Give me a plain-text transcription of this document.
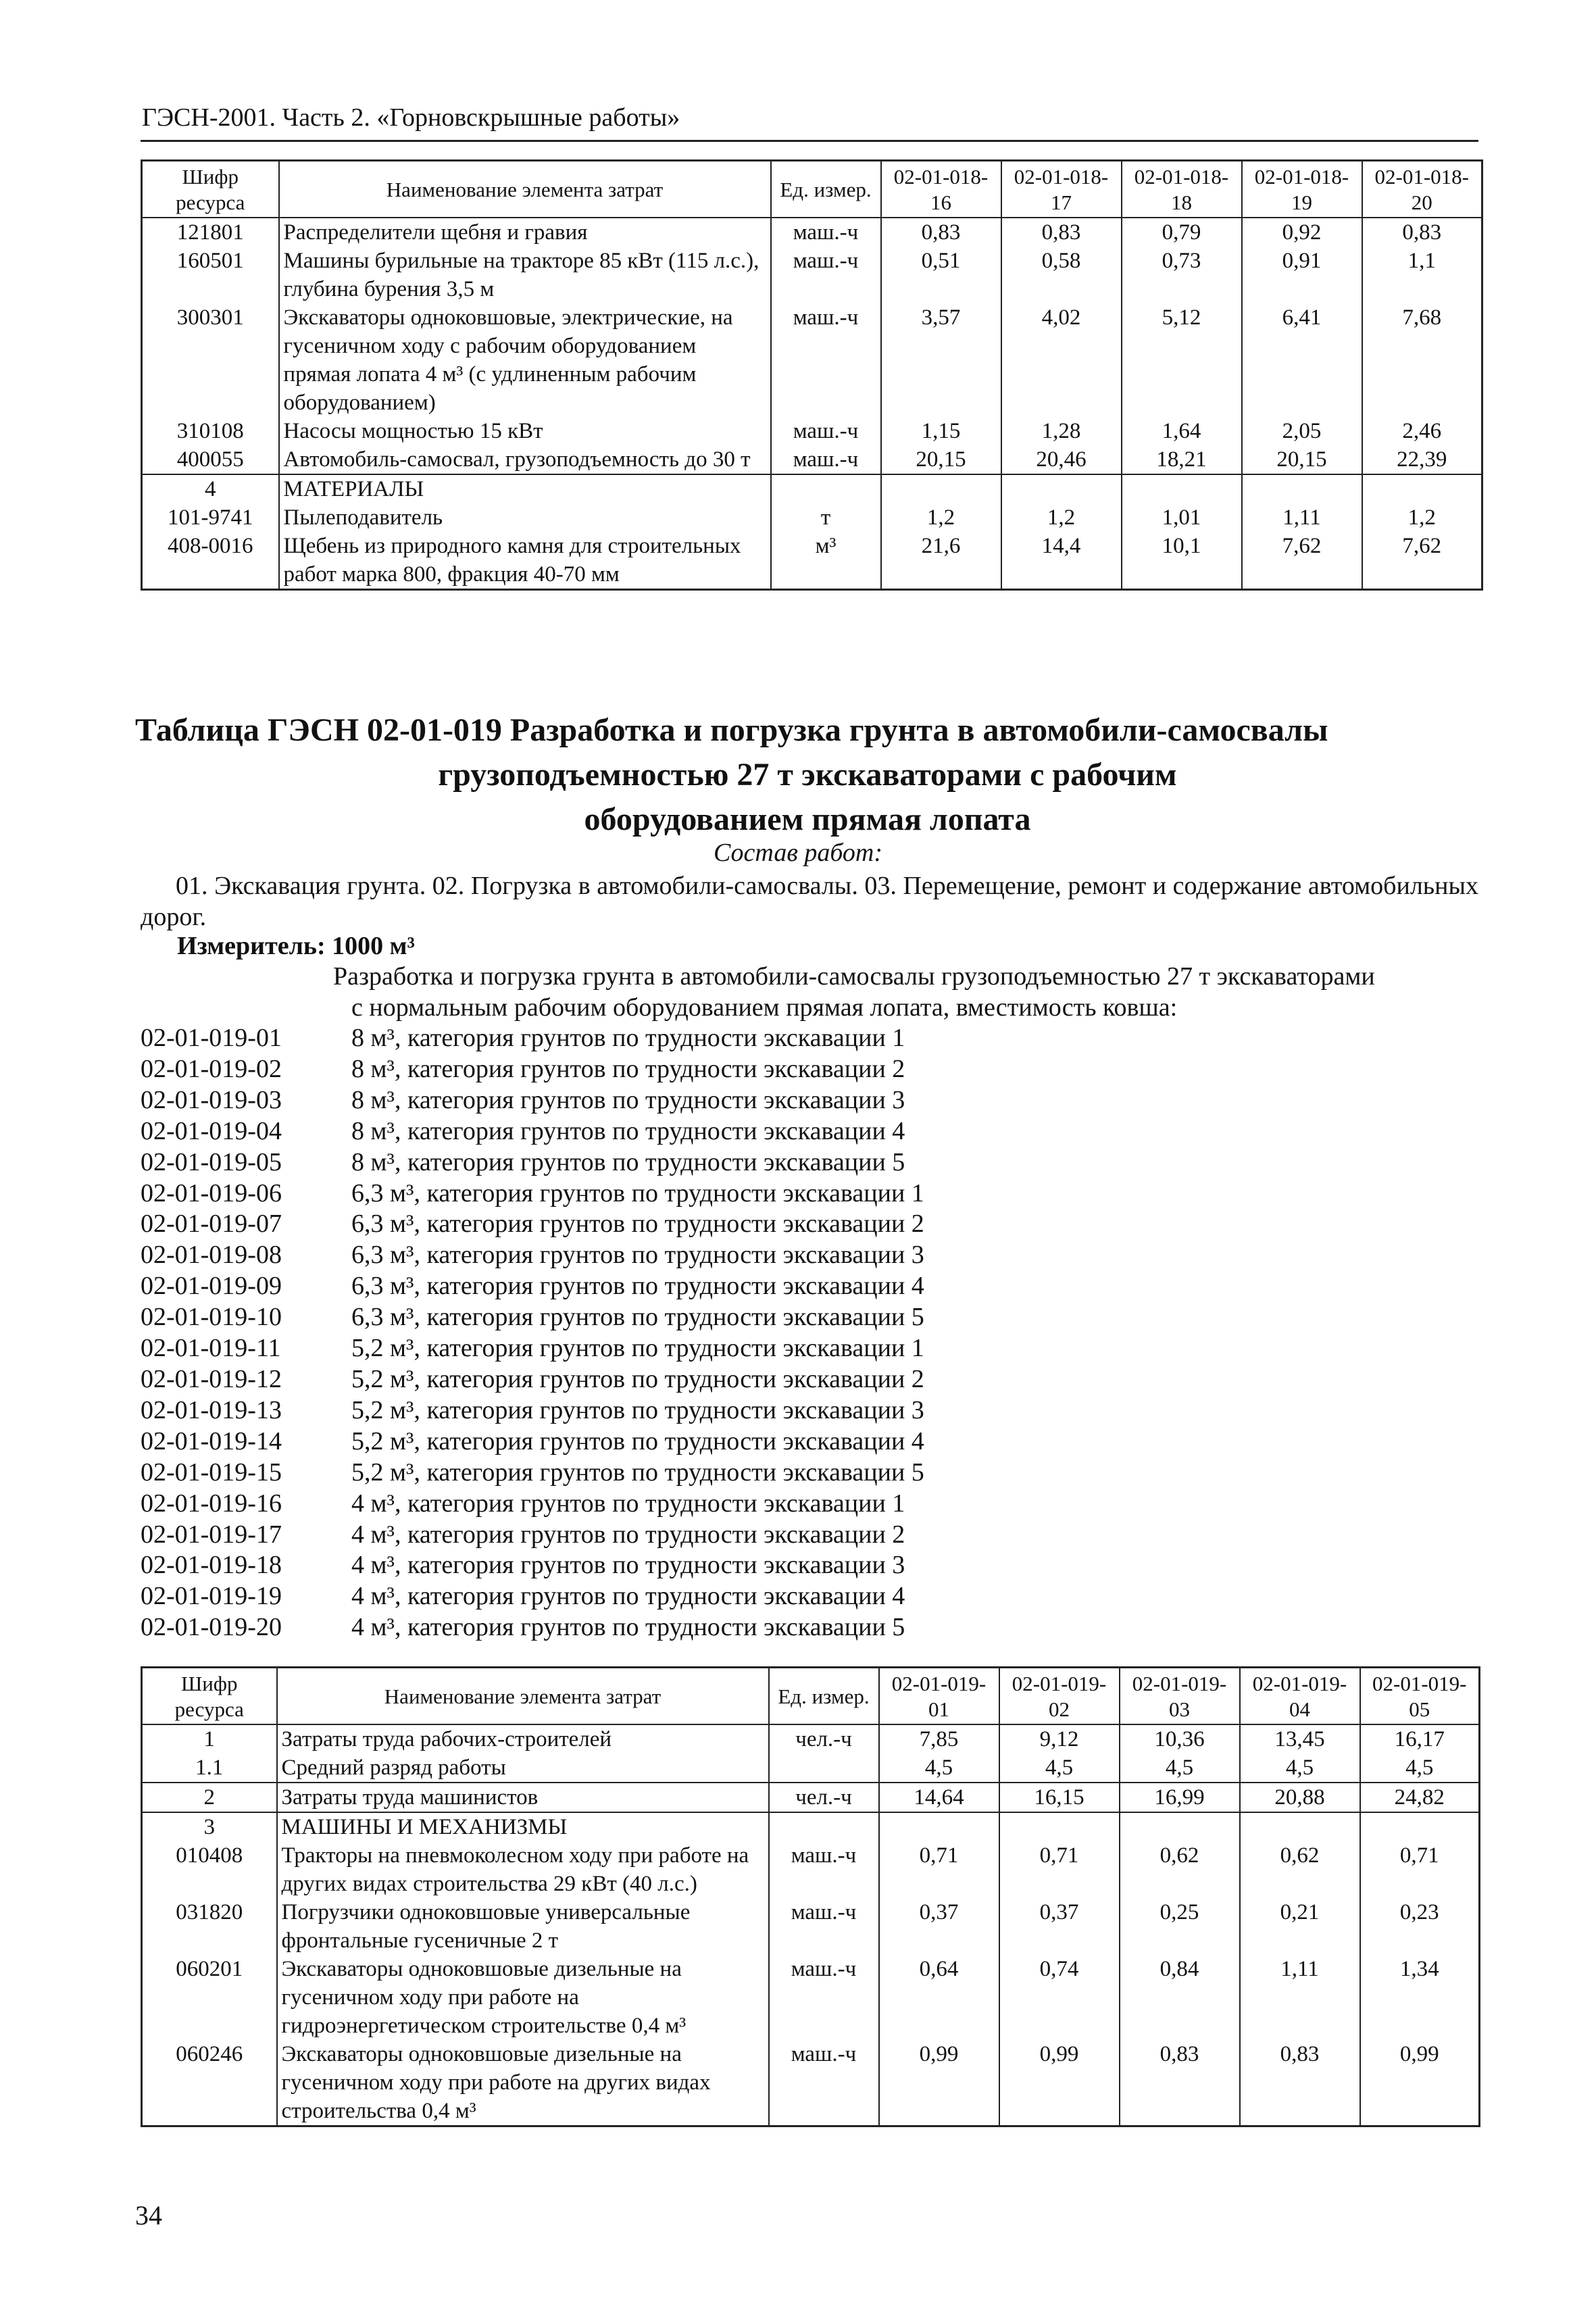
ГЭСН-2001. Часть 2. «Горновскрышные работы»
Шифр ресурса	Наименование элемента затрат	Ед. измер.	02-01-018-16	02-01-018-17	02-01-018-18	02-01-018-19	02-01-018-20
121801	Распределители щебня и гравия	маш.-ч	0,83	0,83	0,79	0,92	0,83
160501	Машины бурильные на тракторе 85 кВт (115 л.с.), глубина бурения 3,5 м	маш.-ч	0,51	0,58	0,73	0,91	1,1
300301	Экскаваторы одноковшовые, электрические, на гусеничном ходу с рабочим оборудованием прямая лопата 4 м³ (с удлиненным рабочим оборудованием)	маш.-ч	3,57	4,02	5,12	6,41	7,68
310108	Насосы мощностью 15 кВт	маш.-ч	1,15	1,28	1,64	2,05	2,46
400055	Автомобиль-самосвал, грузоподъемность до 30 т	маш.-ч	20,15	20,46	18,21	20,15	22,39
4	МАТЕРИАЛЫ						
101-9741	Пылеподавитель	т	1,2	1,2	1,01	1,11	1,2
408-0016	Щебень из природного камня для строительных работ марка 800, фракция 40-70 мм	м³	21,6	14,4	10,1	7,62	7,62
Таблица ГЭСН 02-01-019 Разработка и погрузка грунта в автомобили-самосвалы
грузоподъемностью 27 т экскаваторами с рабочим
оборудованием прямая лопата
Состав работ:
01. Экскавация грунта. 02. Погрузка в автомобили-самосвалы. 03. Перемещение, ремонт и содержание автомобильных дорог.
Измеритель: 1000 м³
Разработка и погрузка грунта в автомобили-самосвалы грузоподъемностью 27 т экскаваторами
с нормальным рабочим оборудованием прямая лопата, вместимость ковша:
02-01-019-01	8 м³, категория грунтов по трудности экскавации 1
02-01-019-02	8 м³, категория грунтов по трудности экскавации 2
02-01-019-03	8 м³, категория грунтов по трудности экскавации 3
02-01-019-04	8 м³, категория грунтов по трудности экскавации 4
02-01-019-05	8 м³, категория грунтов по трудности экскавации 5
02-01-019-06	6,3 м³, категория грунтов по трудности экскавации 1
02-01-019-07	6,3 м³, категория грунтов по трудности экскавации 2
02-01-019-08	6,3 м³, категория грунтов по трудности экскавации 3
02-01-019-09	6,3 м³, категория грунтов по трудности экскавации 4
02-01-019-10	6,3 м³, категория грунтов по трудности экскавации 5
02-01-019-11	5,2 м³, категория грунтов по трудности экскавации 1
02-01-019-12	5,2 м³, категория грунтов по трудности экскавации 2
02-01-019-13	5,2 м³, категория грунтов по трудности экскавации 3
02-01-019-14	5,2 м³, категория грунтов по трудности экскавации 4
02-01-019-15	5,2 м³, категория грунтов по трудности экскавации 5
02-01-019-16	4 м³, категория грунтов по трудности экскавации 1
02-01-019-17	4 м³, категория грунтов по трудности экскавации 2
02-01-019-18	4 м³, категория грунтов по трудности экскавации 3
02-01-019-19	4 м³, категория грунтов по трудности экскавации 4
02-01-019-20	4 м³, категория грунтов по трудности экскавации 5
Шифр ресурса	Наименование элемента затрат	Ед. измер.	02-01-019-01	02-01-019-02	02-01-019-03	02-01-019-04	02-01-019-05
1	Затраты труда рабочих-строителей	чел.-ч	7,85	9,12	10,36	13,45	16,17
1.1	Средний разряд работы		4,5	4,5	4,5	4,5	4,5
2	Затраты труда машинистов	чел.-ч	14,64	16,15	16,99	20,88	24,82
3	МАШИНЫ И МЕХАНИЗМЫ						
010408	Тракторы на пневмоколесном ходу при работе на других видах строительства 29 кВт (40 л.с.)	маш.-ч	0,71	0,71	0,62	0,62	0,71
031820	Погрузчики одноковшовые универсальные фронтальные гусеничные 2 т	маш.-ч	0,37	0,37	0,25	0,21	0,23
060201	Экскаваторы одноковшовые дизельные на гусеничном ходу при работе на гидроэнергетическом строительстве 0,4 м³	маш.-ч	0,64	0,74	0,84	1,11	1,34
060246	Экскаваторы одноковшовые дизельные на гусеничном ходу при работе на других видах строительства 0,4 м³	маш.-ч	0,99	0,99	0,83	0,83	0,99
34
